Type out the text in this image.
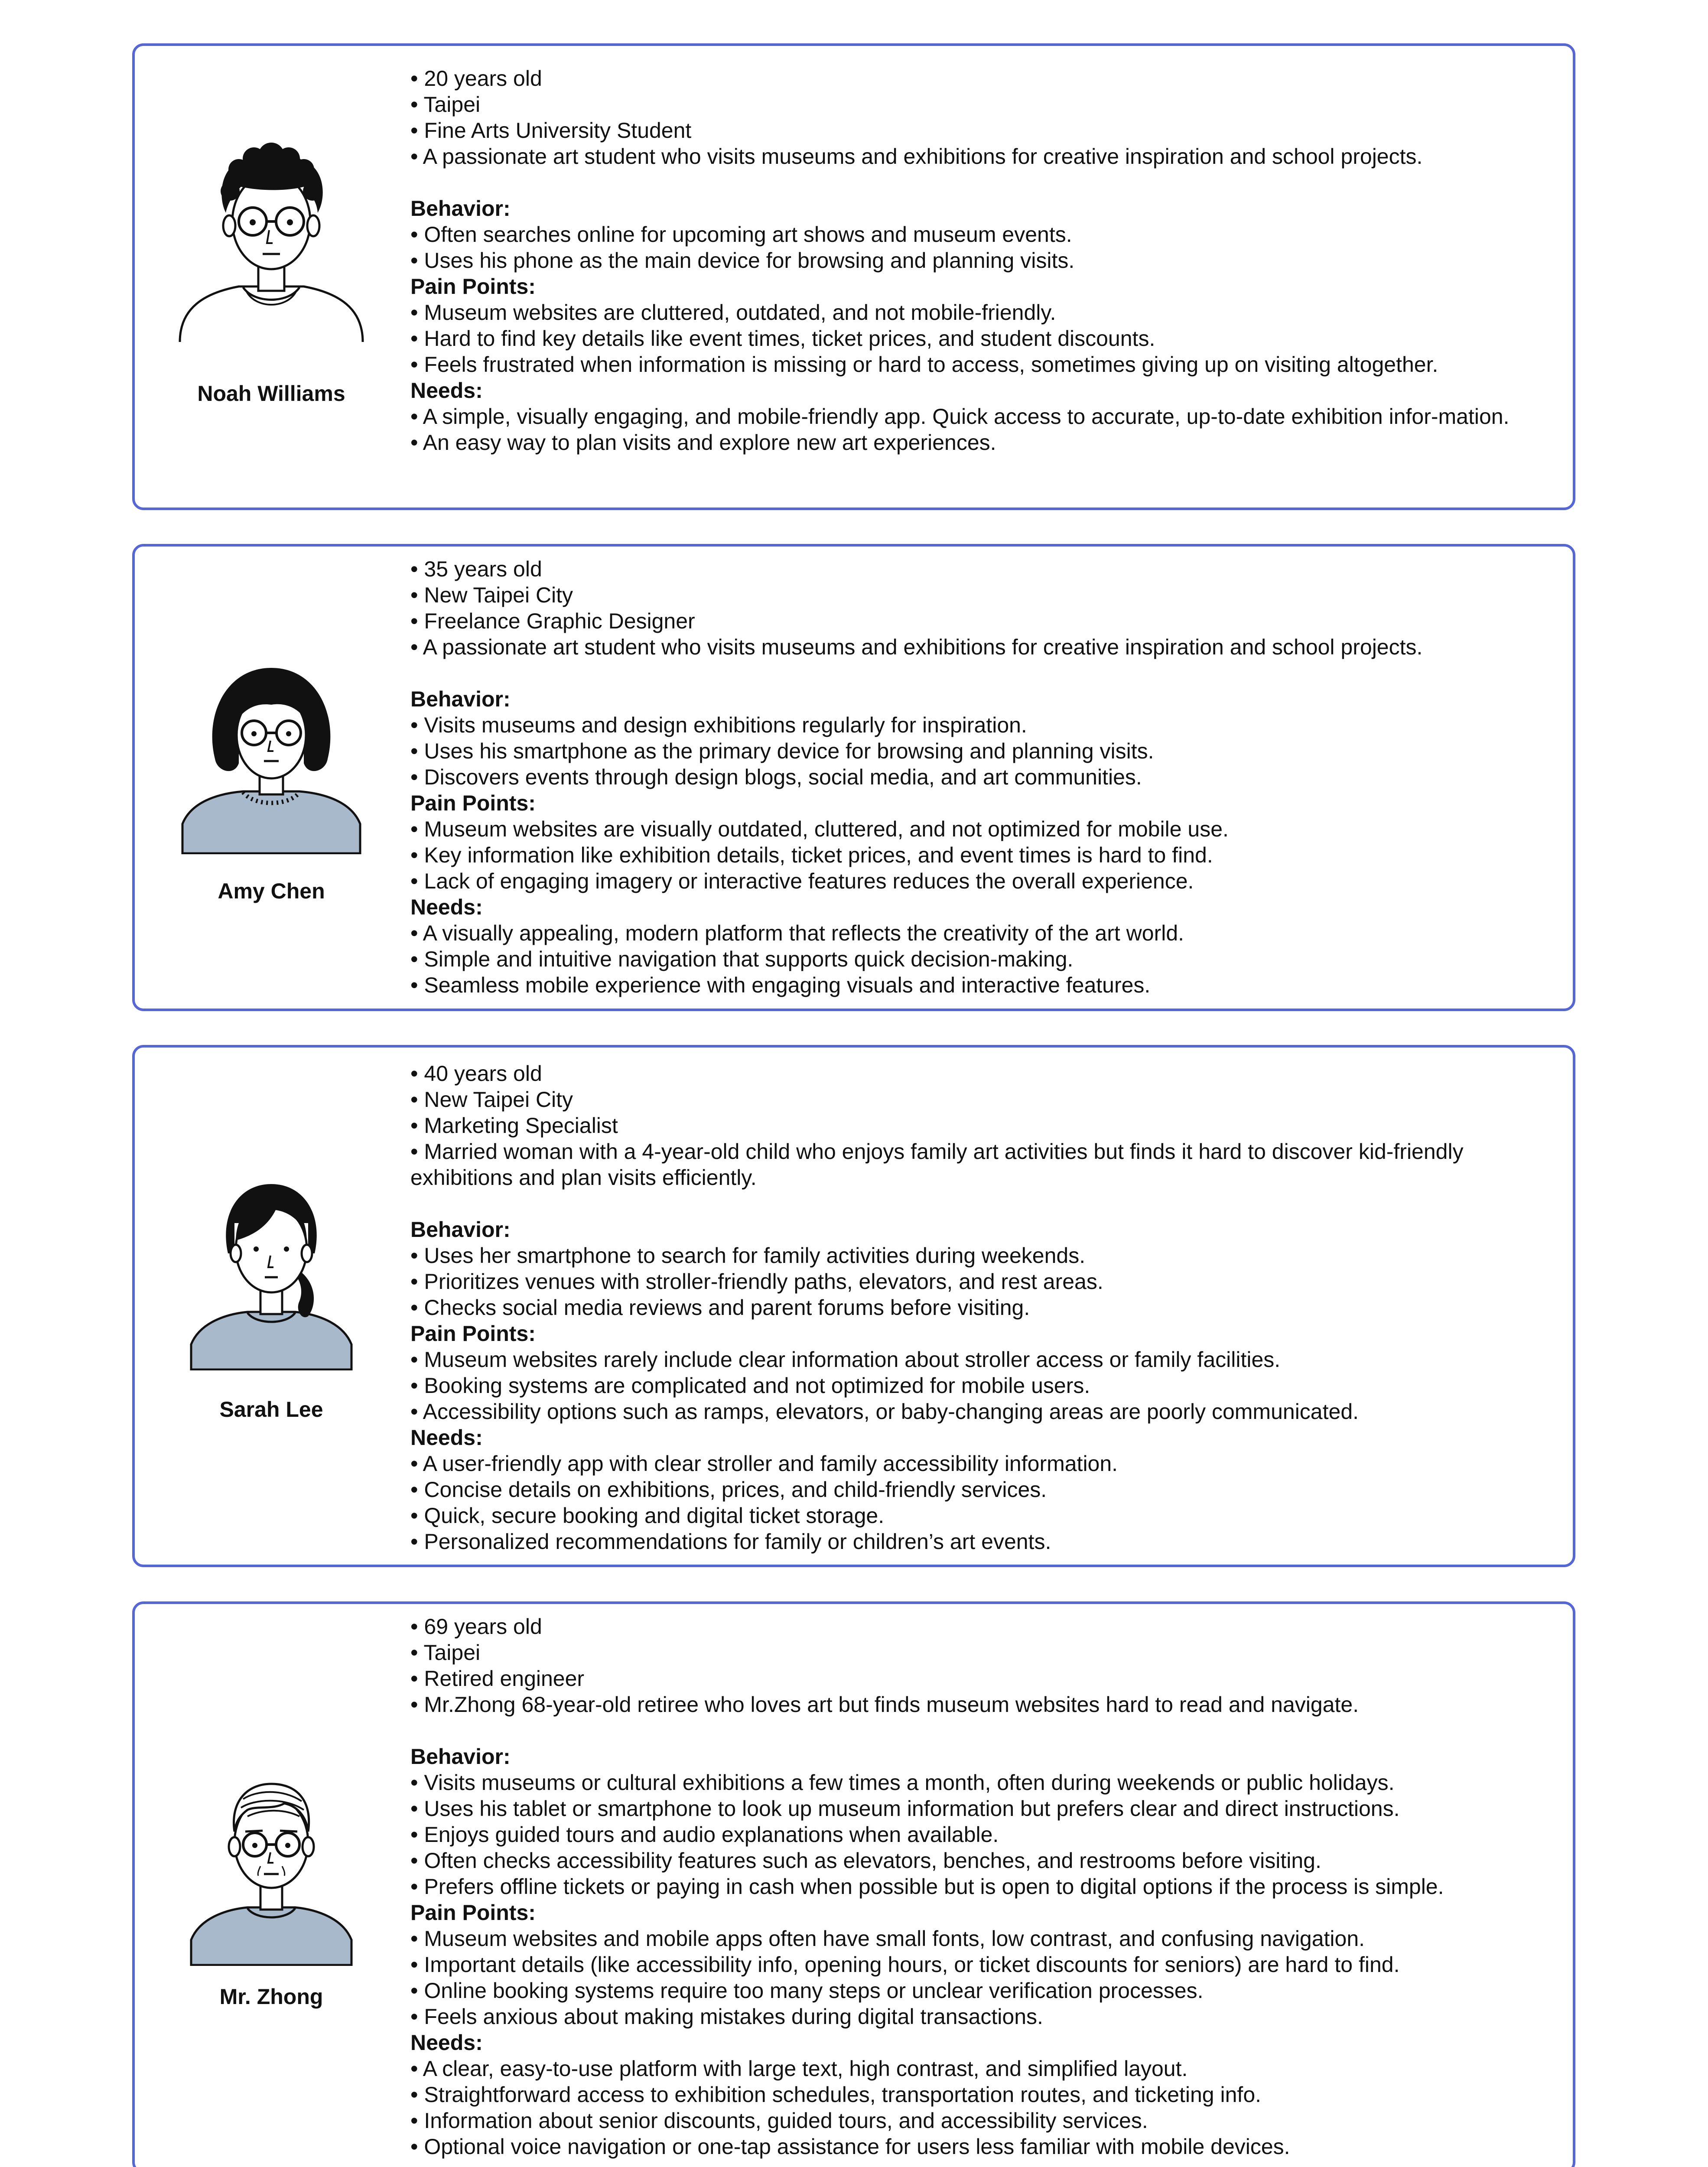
Noah Williams
• 20 years old
• Taipei
• Fine Arts University Student
• A passionate art student who visits museums and exhibitions for creative inspiration and school projects.
Behavior:
• Often searches online for upcoming art shows and museum events.
• Uses his phone as the main device for browsing and planning visits.
Pain Points:
• Museum websites are cluttered, outdated, and not mobile-friendly.
• Hard to find key details like event times, ticket prices, and student discounts.
• Feels frustrated when information is missing or hard to access, sometimes giving up on visiting altogether.
Needs:
• A simple, visually engaging, and mobile-friendly app. Quick access to accurate, up-to-date exhibition infor-mation.
• An easy way to plan visits and explore new art experiences.
Amy Chen
• 35 years old
• New Taipei City
• Freelance Graphic Designer
• A passionate art student who visits museums and exhibitions for creative inspiration and school projects.
Behavior:
• Visits museums and design exhibitions regularly for inspiration.
• Uses his smartphone as the primary device for browsing and planning visits.
• Discovers events through design blogs, social media, and art communities.
Pain Points:
• Museum websites are visually outdated, cluttered, and not optimized for mobile use.
• Key information like exhibition details, ticket prices, and event times is hard to find.
• Lack of engaging imagery or interactive features reduces the overall experience.
Needs:
• A visually appealing, modern platform that reflects the creativity of the art world.
• Simple and intuitive navigation that supports quick decision-making.
• Seamless mobile experience with engaging visuals and interactive features.
Sarah Lee
• 40 years old
• New Taipei City
• Marketing Specialist
• Married woman with a 4-year-old child who enjoys family art activities but finds it hard to discover kid-friendly exhibitions and plan visits efficiently.
Behavior:
• Uses her smartphone to search for family activities during weekends.
• Prioritizes venues with stroller-friendly paths, elevators, and rest areas.
• Checks social media reviews and parent forums before visiting.
Pain Points:
• Museum websites rarely include clear information about stroller access or family facilities.
• Booking systems are complicated and not optimized for mobile users.
• Accessibility options such as ramps, elevators, or baby-changing areas are poorly communicated.
Needs:
• A user-friendly app with clear stroller and family accessibility information.
• Concise details on exhibitions, prices, and child-friendly services.
• Quick, secure booking and digital ticket storage.
• Personalized recommendations for family or children’s art events.
Mr. Zhong
• 69 years old
• Taipei
• Retired engineer
• Mr.Zhong 68-year-old retiree who loves art but finds museum websites hard to read and navigate.
Behavior:
• Visits museums or cultural exhibitions a few times a month, often during weekends or public holidays.
• Uses his tablet or smartphone to look up museum information but prefers clear and direct instructions.
• Enjoys guided tours and audio explanations when available.
• Often checks accessibility features such as elevators, benches, and restrooms before visiting.
• Prefers offline tickets or paying in cash when possible but is open to digital options if the process is simple.
Pain Points:
• Museum websites and mobile apps often have small fonts, low contrast, and confusing navigation.
• Important details (like accessibility info, opening hours, or ticket discounts for seniors) are hard to find.
• Online booking systems require too many steps or unclear verification processes.
• Feels anxious about making mistakes during digital transactions.
Needs:
• A clear, easy-to-use platform with large text, high contrast, and simplified layout.
• Straightforward access to exhibition schedules, transportation routes, and ticketing info.
• Information about senior discounts, guided tours, and accessibility services.
• Optional voice navigation or one-tap assistance for users less familiar with mobile devices.
